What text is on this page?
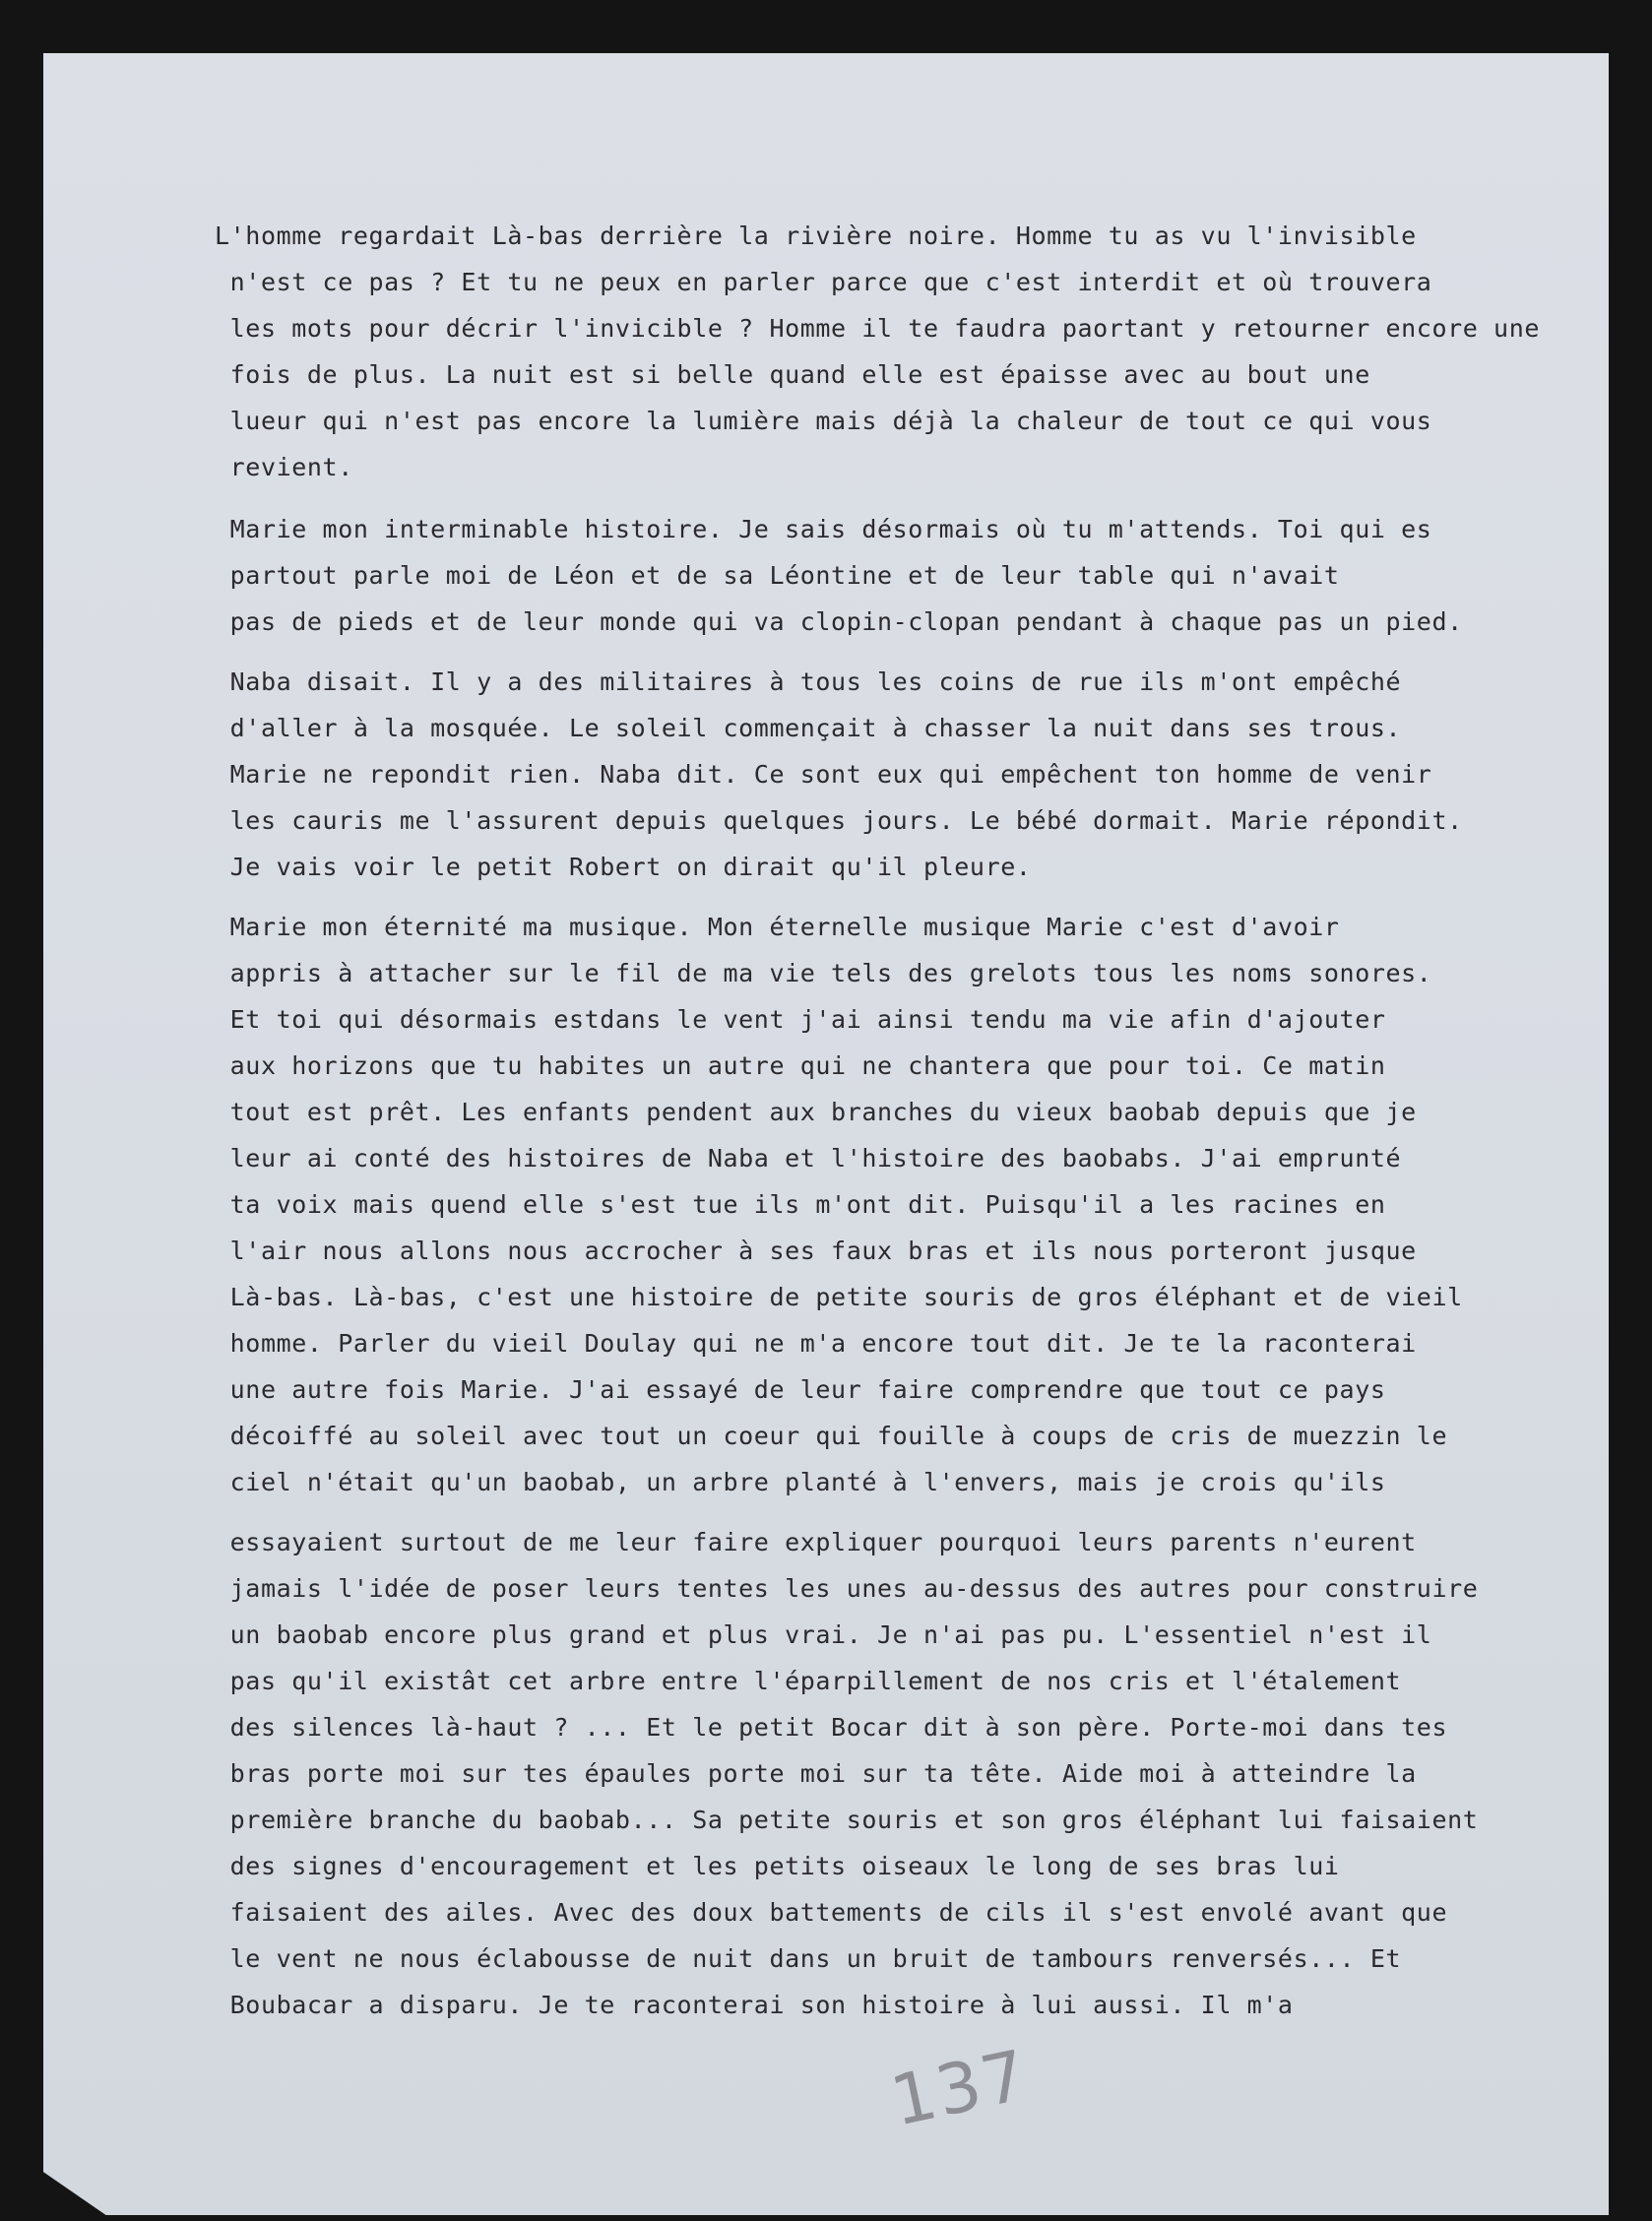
L'homme regardait Là-bas derrière la rivière noire. Homme tu as vu l'invisible
n'est ce pas ? Et tu ne peux en parler parce que c'est interdit et où trouvera
les mots pour décrir l'invicible ? Homme il te faudra paortant y retourner encore une
fois de plus. La nuit est si belle quand elle est épaisse avec au bout une
lueur qui n'est pas encore la lumière mais déjà la chaleur de tout ce qui vous
revient.
Marie mon interminable histoire. Je sais désormais où tu m'attends. Toi qui es
partout parle moi de Léon et de sa Léontine et de leur table qui n'avait
pas de pieds et de leur monde qui va clopin-clopan pendant à chaque pas un pied.
Naba disait. Il y a des militaires à tous les coins de rue ils m'ont empêché
d'aller à la mosquée. Le soleil commençait à chasser la nuit dans ses trous.
Marie ne repondit rien. Naba dit. Ce sont eux qui empêchent ton homme de venir
les cauris me l'assurent depuis quelques jours. Le bébé dormait. Marie répondit.
Je vais voir le petit Robert on dirait qu'il pleure.
Marie mon éternité ma musique. Mon éternelle musique Marie c'est d'avoir
appris à attacher sur le fil de ma vie tels des grelots tous les noms sonores.
Et toi qui désormais estdans le vent j'ai ainsi tendu ma vie afin d'ajouter
aux horizons que tu habites un autre qui ne chantera que pour toi. Ce matin
tout est prêt. Les enfants pendent aux branches du vieux baobab depuis que je
leur ai conté des histoires de Naba et l'histoire des baobabs. J'ai emprunté
ta voix mais quend elle s'est tue ils m'ont dit. Puisqu'il a les racines en
l'air nous allons nous accrocher à ses faux bras et ils nous porteront jusque
Là-bas. Là-bas, c'est une histoire de petite souris de gros éléphant et de vieil
homme. Parler du vieil Doulay qui ne m'a encore tout dit. Je te la raconterai
une autre fois Marie. J'ai essayé de leur faire comprendre que tout ce pays
décoiffé au soleil avec tout un coeur qui fouille à coups de cris de muezzin le
ciel n'était qu'un baobab, un arbre planté à l'envers, mais je crois qu'ils
essayaient surtout de me leur faire expliquer pourquoi leurs parents n'eurent
jamais l'idée de poser leurs tentes les unes au-dessus des autres pour construire
un baobab encore plus grand et plus vrai. Je n'ai pas pu. L'essentiel n'est il
pas qu'il existât cet arbre entre l'éparpillement de nos cris et l'étalement
des silences là-haut ? ... Et le petit Bocar dit à son père. Porte-moi dans tes
bras porte moi sur tes épaules porte moi sur ta tête. Aide moi à atteindre la
première branche du baobab... Sa petite souris et son gros éléphant lui faisaient
des signes d'encouragement et les petits oiseaux le long de ses bras lui
faisaient des ailes. Avec des doux battements de cils il s'est envolé avant que
le vent ne nous éclabousse de nuit dans un bruit de tambours renversés... Et
Boubacar a disparu. Je te raconterai son histoire à lui aussi. Il m'a
137
